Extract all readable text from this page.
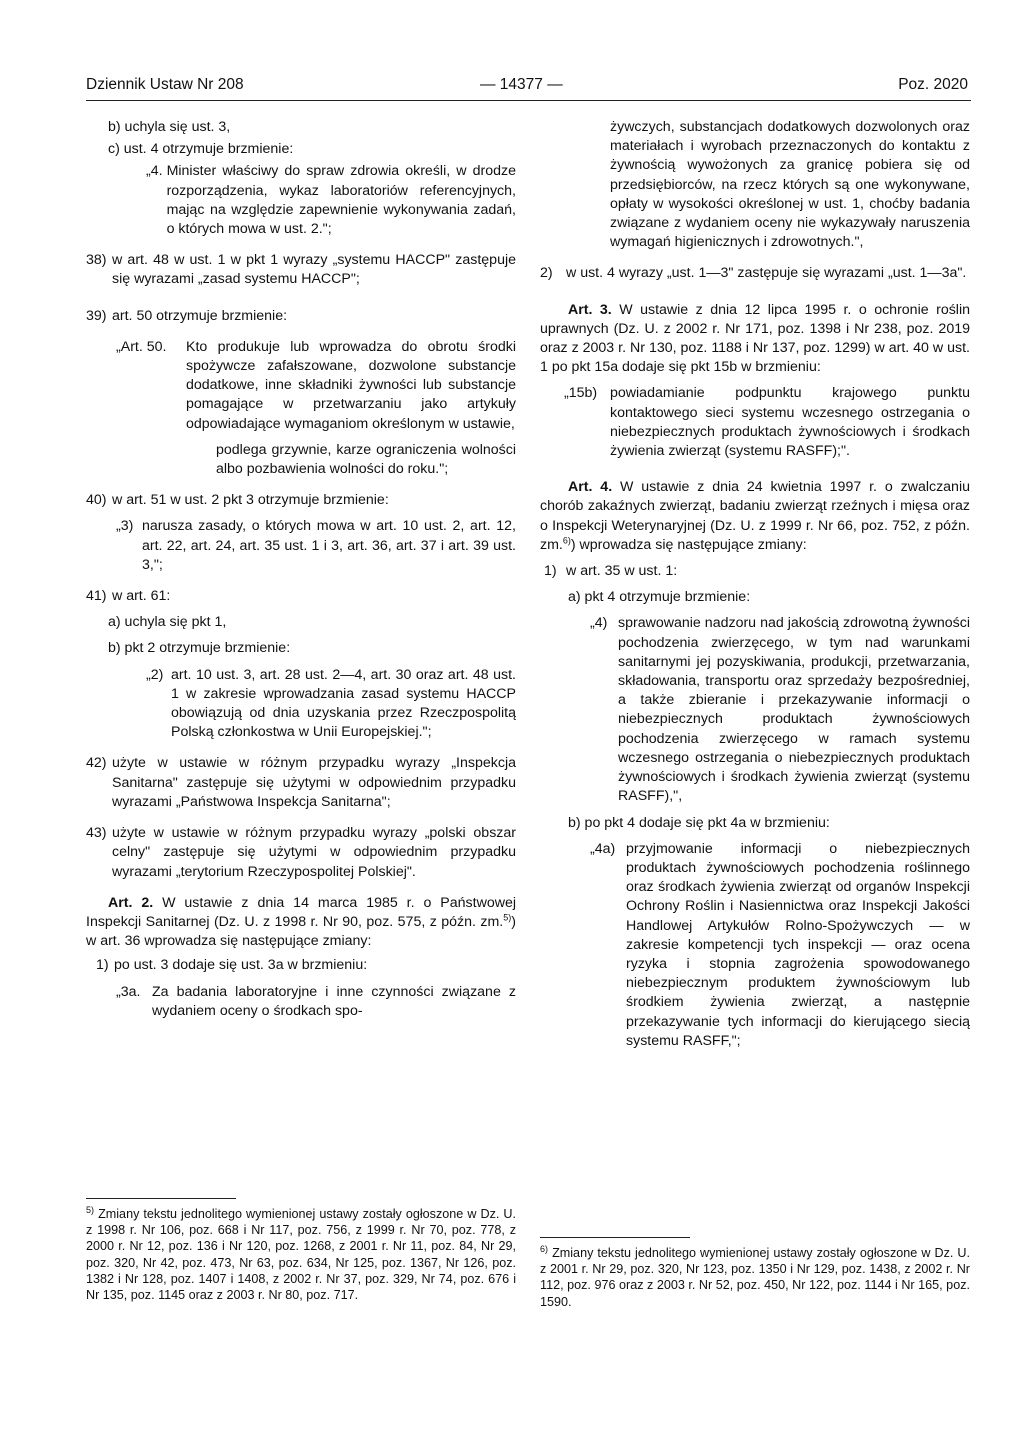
Dziennik Ustaw Nr 208	— 14377 —	Poz. 2020
b) uchyla się ust. 3,
c) ust. 4 otrzymuje brzmienie:
„4. Minister właściwy do spraw zdrowia określi, w drodze rozporządzenia, wykaz laboratoriów referencyjnych, mając na względzie zapewnienie wykonywania zadań, o których mowa w ust. 2.";
38) w art. 48 w ust. 1 w pkt 1 wyrazy „systemu HACCP" zastępuje się wyrazami „zasad systemu HACCP";
39) art. 50 otrzymuje brzmienie:
„Art. 50.	Kto produkuje lub wprowadza do obrotu środki spożywcze zafałszowane, dozwolone substancje dodatkowe, inne składniki żywności lub substancje pomagające w przetwarzaniu jako artykuły odpowiadające wymaganiom określonym w ustawie,
podlega grzywnie, karze ograniczenia wolności albo pozbawienia wolności do roku.";
40) w art. 51 w ust. 2 pkt 3 otrzymuje brzmienie:
„3) narusza zasady, o których mowa w art. 10 ust. 2, art. 12, art. 22, art. 24, art. 35 ust. 1 i 3, art. 36, art. 37 i art. 39 ust. 3,";
41) w art. 61:
a) uchyla się pkt 1,
b) pkt 2 otrzymuje brzmienie:
„2) art. 10 ust. 3, art. 28 ust. 2—4, art. 30 oraz art. 48 ust. 1 w zakresie wprowadzania zasad systemu HACCP obowiązują od dnia uzyskania przez Rzeczpospolitą Polską członkostwa w Unii Europejskiej.";
42) użyte w ustawie w różnym przypadku wyrazy „Inspekcja Sanitarna" zastępuje się użytymi w odpowiednim przypadku wyrazami „Państwowa Inspekcja Sanitarna";
43) użyte w ustawie w różnym przypadku wyrazy „polski obszar celny" zastępuje się użytymi w odpowiednim przypadku wyrazami „terytorium Rzeczypospolitej Polskiej".
Art. 2. W ustawie z dnia 14 marca 1985 r. o Państwowej Inspekcji Sanitarnej (Dz. U. z 1998 r. Nr 90, poz. 575, z późn. zm.$^{5)}$) w art. 36 wprowadza się następujące zmiany:
1) po ust. 3 dodaje się ust. 3a w brzmieniu:
„3a. Za badania laboratoryjne i inne czynności związane z wydaniem oceny o środkach spo-
żywczych, substancjach dodatkowych dozwolonych oraz materiałach i wyrobach przeznaczonych do kontaktu z żywnością wywożonych za granicę pobiera się od przedsiębiorców, na rzecz których są one wykonywane, opłaty w wysokości określonej w ust. 1, choćby badania związane z wydaniem oceny nie wykazywały naruszenia wymagań higienicznych i zdrowotnych.",
2) w ust. 4 wyrazy „ust. 1—3" zastępuje się wyrazami „ust. 1—3a".
Art. 3. W ustawie z dnia 12 lipca 1995 r. o ochronie roślin uprawnych (Dz. U. z 2002 r. Nr 171, poz. 1398 i Nr 238, poz. 2019 oraz z 2003 r. Nr 130, poz. 1188 i Nr 137, poz. 1299) w art. 40 w ust. 1 po pkt 15a dodaje się pkt 15b w brzmieniu:
„15b) powiadamianie podpunktu krajowego punktu kontaktowego sieci systemu wczesnego ostrzegania o niebezpiecznych produktach żywnościowych i środkach żywienia zwierząt (systemu RASFF);".
Art. 4. W ustawie z dnia 24 kwietnia 1997 r. o zwalczaniu chorób zakaźnych zwierząt, badaniu zwierząt rzeźnych i mięsa oraz o Inspekcji Weterynaryjnej (Dz. U. z 1999 r. Nr 66, poz. 752, z późn. zm.$^{6)}$) wprowadza się następujące zmiany:
1) w art. 35 w ust. 1:
a) pkt 4 otrzymuje brzmienie:
„4) sprawowanie nadzoru nad jakością zdrowotną żywności pochodzenia zwierzęcego, w tym nad warunkami sanitarnymi jej pozyskiwania, produkcji, przetwarzania, składowania, transportu oraz sprzedaży bezpośredniej, a także zbieranie i przekazywanie informacji o niebezpiecznych produktach żywnościowych pochodzenia zwierzęcego w ramach systemu wczesnego ostrzegania o niebezpiecznych produktach żywnościowych i środkach żywienia zwierząt (systemu RASFF),",
b) po pkt 4 dodaje się pkt 4a w brzmieniu:
„4a) przyjmowanie informacji o niebezpiecznych produktach żywnościowych pochodzenia roślinnego oraz środkach żywienia zwierząt od organów Inspekcji Ochrony Roślin i Nasiennictwa oraz Inspekcji Jakości Handlowej Artykułów Rolno-Spożywczych — w zakresie kompetencji tych inspekcji — oraz ocena ryzyka i stopnia zagrożenia spowodowanego niebezpiecznym produktem żywnościowym lub środkiem żywienia zwierząt, a następnie przekazywanie tych informacji do kierującego siecią systemu RASFF,";
$^{5)}$ Zmiany tekstu jednolitego wymienionej ustawy zostały ogłoszone w Dz. U. z 1998 r. Nr 106, poz. 668 i Nr 117, poz. 756, z 1999 r. Nr 70, poz. 778, z 2000 r. Nr 12, poz. 136 i Nr 120, poz. 1268, z 2001 r. Nr 11, poz. 84, Nr 29, poz. 320, Nr 42, poz. 473, Nr 63, poz. 634, Nr 125, poz. 1367, Nr 126, poz. 1382 i Nr 128, poz. 1407 i 1408, z 2002 r. Nr 37, poz. 329, Nr 74, poz. 676 i Nr 135, poz. 1145 oraz z 2003 r. Nr 80, poz. 717.
$^{6)}$ Zmiany tekstu jednolitego wymienionej ustawy zostały ogłoszone w Dz. U. z 2001 r. Nr 29, poz. 320, Nr 123, poz. 1350 i Nr 129, poz. 1438, z 2002 r. Nr 112, poz. 976 oraz z 2003 r. Nr 52, poz. 450, Nr 122, poz. 1144 i Nr 165, poz. 1590.
